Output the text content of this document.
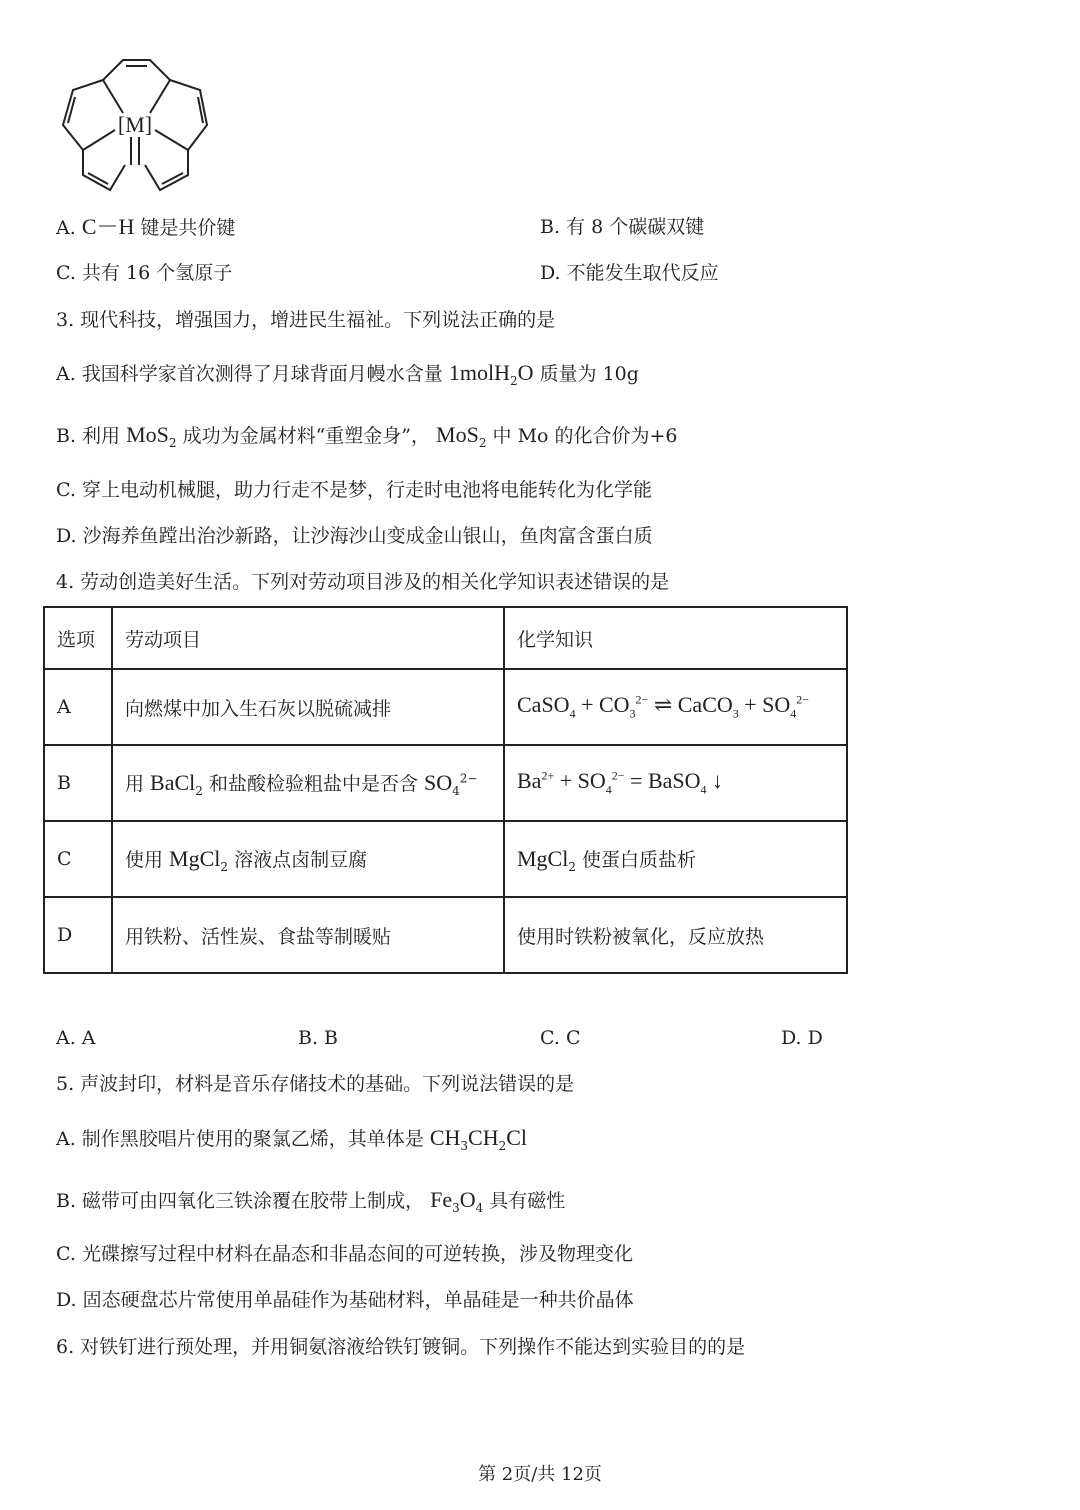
[M]
A. C－H 键是共价键	B. 有 8 个碳碳双键
C. 共有 16 个氢原子	D. 不能发生取代反应
3. 现代科技，增强国力，增进民生福祉。下列说法正确的是
A. 我国科学家首次测得了月球背面月幔水含量 1molH$_2$O 质量为 10g
B. 利用 MoS$_2$ 成功为金属材料“重塑金身”， MoS$_2$ 中 Mo 的化合价为+6
C. 穿上电动机械腿，助力行走不是梦，行走时电池将电能转化为化学能
D. 沙海养鱼蹚出治沙新路，让沙海沙山变成金山银山，鱼肉富含蛋白质
4. 劳动创造美好生活。下列对劳动项目涉及的相关化学知识表述错误的是
选项	劳动项目	化学知识
A	向燃煤中加入生石灰以脱硫减排	CaSO$_4$ + $CO_3^{2-}$ ⇌ CaCO$_3$ + $SO_4^{2-}$
B	用 BaCl$_2$ 和盐酸检验粗盐中是否含 $SO_4^{2-}$	$Ba^{2+} + SO_4^{2-}$ = BaSO$_4$ ↓
C	使用 MgCl$_2$ 溶液点卤制豆腐	MgCl$_2$ 使蛋白质盐析
D	用铁粉、活性炭、食盐等制暖贴	使用时铁粉被氧化，反应放热
A. A	B. B	C. C	D. D
5. 声波封印，材料是音乐存储技术的基础。下列说法错误的是
A. 制作黑胶唱片使用的聚氯乙烯，其单体是 $CH_3CH_2Cl$
B. 磁带可由四氧化三铁涂覆在胶带上制成， $Fe_3O_4$ 具有磁性
C. 光碟擦写过程中材料在晶态和非晶态间的可逆转换，涉及物理变化
D. 固态硬盘芯片常使用单晶硅作为基础材料，单晶硅是一种共价晶体
6. 对铁钉进行预处理，并用铜氨溶液给铁钉镀铜。下列操作不能达到实验目的的是
第 2页/共 12页
